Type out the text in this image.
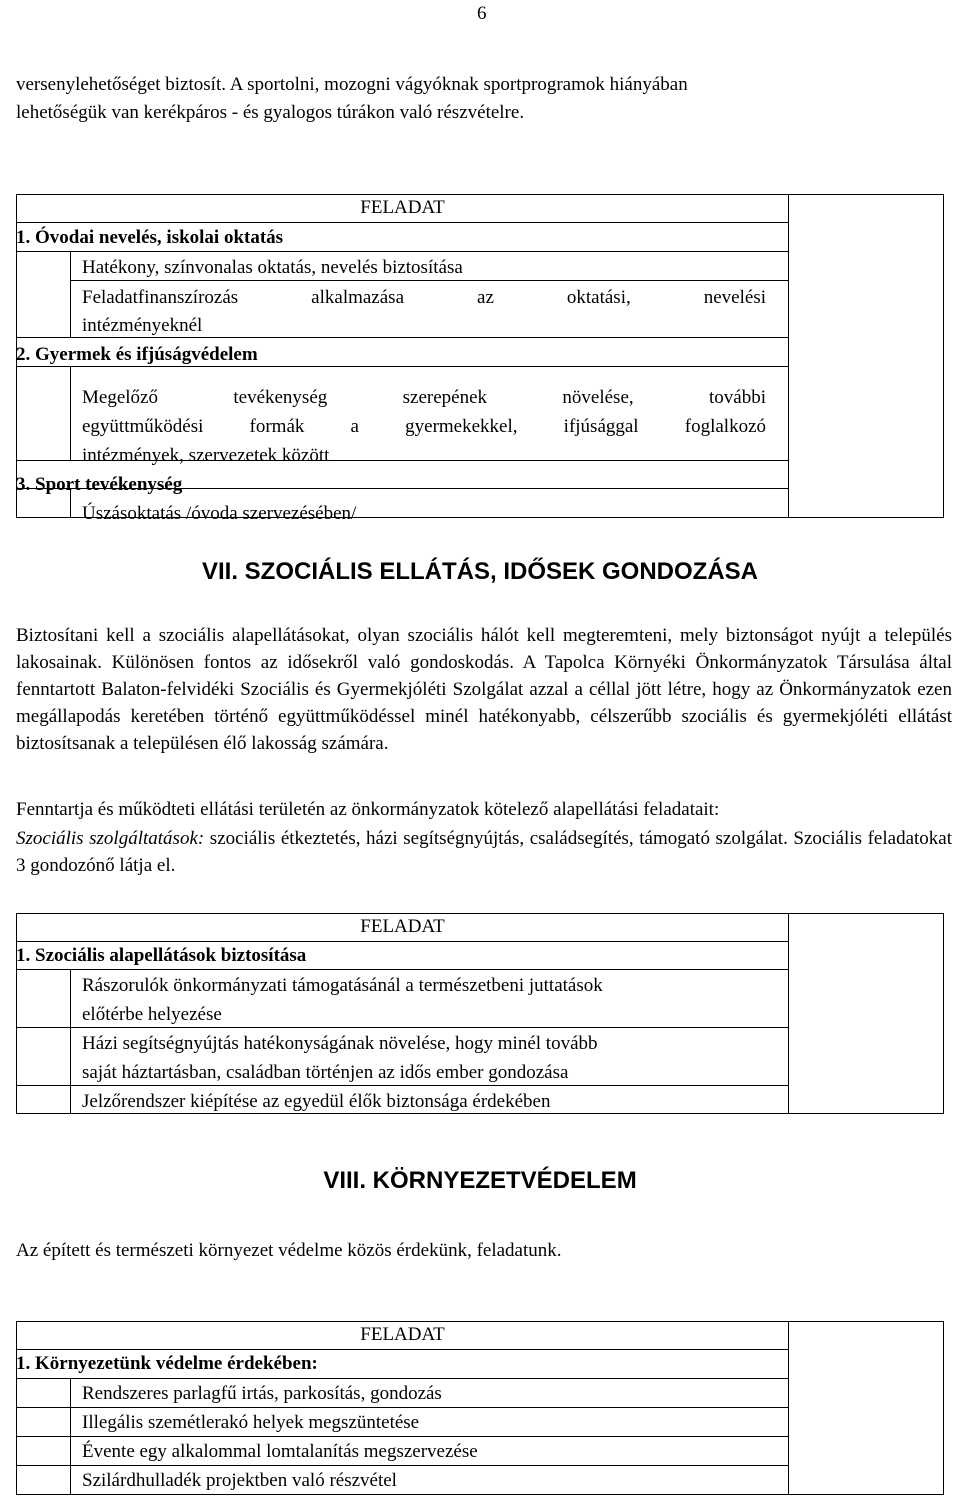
6
versenylehetőséget biztosít. A sportolni, mozogni vágyóknak sportprogramok hiányában
lehetőségük van kerékpáros - és gyalogos túrákon való részvételre.

FELADAT
1. Óvodai nevelés, iskolai oktatás
Hatékony, színvonalas oktatás, nevelés biztosítása
Feladatfinanszírozás alkalmazása az oktatási, nevelési
intézményeknél
2. Gyermek és ifjúságvédelem
Megelőző tevékenység szerepének növelése, további
együttműködési formák a gyermekekkel, ifjúsággal foglalkozó
intézmények, szervezetek között
3. Sport tevékenység
Úszásoktatás /óvoda szervezésében/
VII. SZOCIÁLIS ELLÁTÁS, IDŐSEK GONDOZÁSA
Biztosítani kell a szociális alapellátásokat, olyan szociális hálót kell megteremteni, mely biztonságot nyújt a település lakosainak. Különösen fontos az idősekről való gondoskodás. A Tapolca Környéki Önkormányzatok Társulása által fenntartott Balaton-felvidéki Szociális és Gyermekjóléti Szolgálat azzal a céllal jött létre, hogy az Önkormányzatok ezen megállapodás keretében történő együttműködéssel minél hatékonyabb, célszerűbb szociális és gyermekjóléti ellátást biztosítsanak a településen élő lakosság számára.
Fenntartja és működteti ellátási területén az önkormányzatok kötelező alapellátási feladatait:
Szociális szolgáltatások: szociális étkeztetés, házi segítségnyújtás, családsegítés, támogató szolgálat. Szociális feladatokat 3 gondozónő látja el.

FELADAT
1. Szociális alapellátások biztosítása
Rászorulók önkormányzati támogatásánál a természetbeni juttatások
előtérbe helyezése
Házi segítségnyújtás hatékonyságának növelése, hogy minél tovább
saját háztartásban, családban történjen az idős ember gondozása
Jelzőrendszer kiépítése az egyedül élők biztonsága érdekében
VIII. KÖRNYEZETVÉDELEM
Az épített és természeti környezet védelme közös érdekünk, feladatunk.

FELADAT
1. Környezetünk védelme érdekében:
Rendszeres parlagfű irtás, parkosítás, gondozás
Illegális szemétlerakó helyek megszüntetése
Évente egy alkalommal lomtalanítás megszervezése
Szilárdhulladék projektben való részvétel
